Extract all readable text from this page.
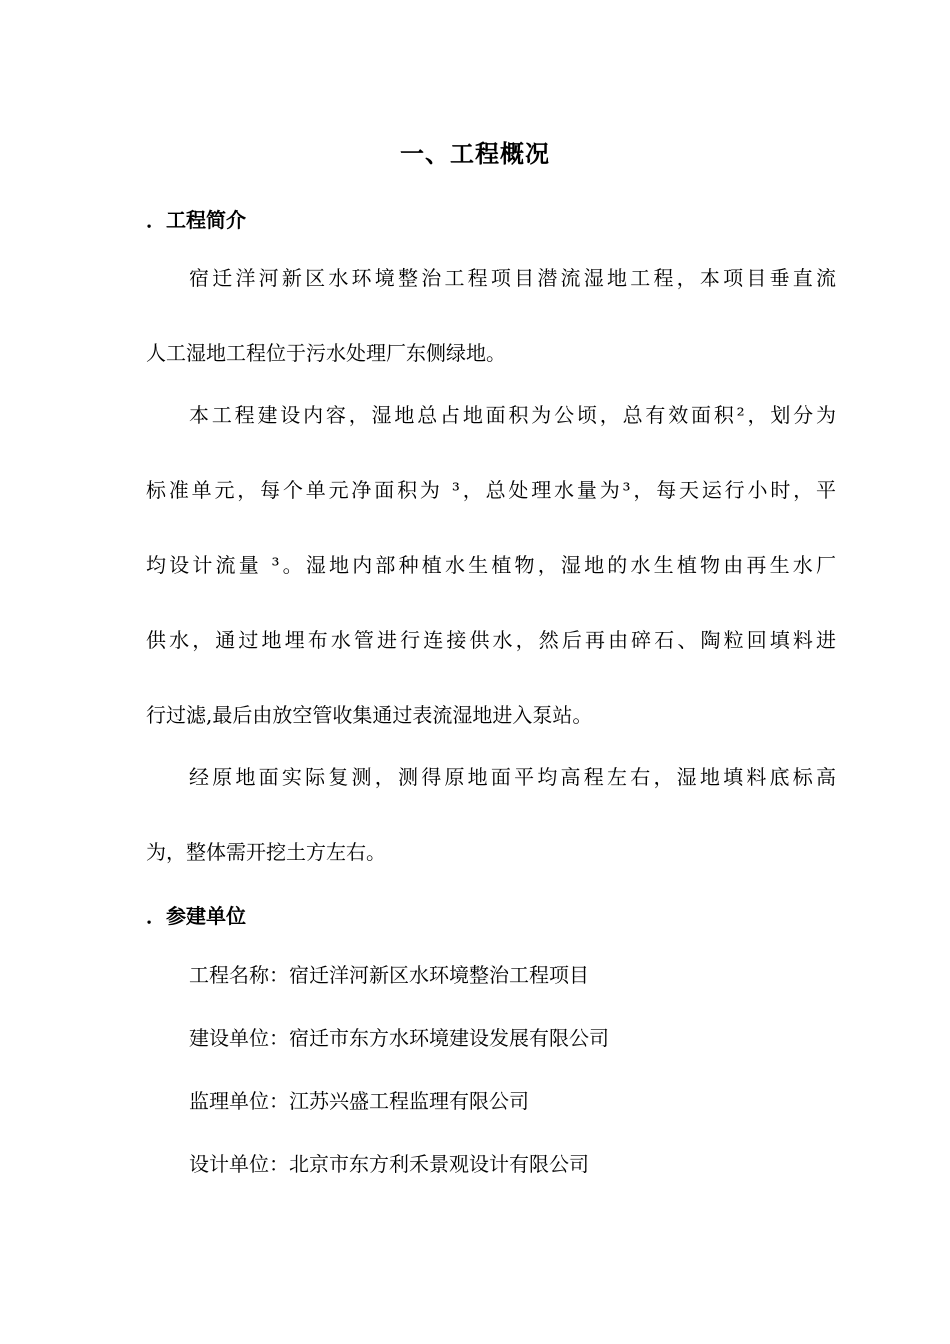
一、工程概况
．工程简介

宿迁洋河新区水环境整治工程项目潜流湿地工程，本项目垂直流

人工湿地工程位于污水处理厂东侧绿地。

本工程建设内容，湿地总占地面积为公顷，总有效面积²，划分为

标准单元，每个单元净面积为 ³，总处理水量为³，每天运行小时，平

均设计流量 ³。湿地内部种植水生植物，湿地的水生植物由再生水厂

供水，通过地埋布水管进行连接供水，然后再由碎石、陶粒回填料进

行过滤,最后由放空管收集通过表流湿地进入泵站。

经原地面实际复测，测得原地面平均高程左右，湿地填料底标高

为，整体需开挖土方左右。

．参建单位

工程名称：宿迁洋河新区水环境整治工程项目

建设单位：宿迁市东方水环境建设发展有限公司

监理单位：江苏兴盛工程监理有限公司

设计单位：北京市东方利禾景观设计有限公司
